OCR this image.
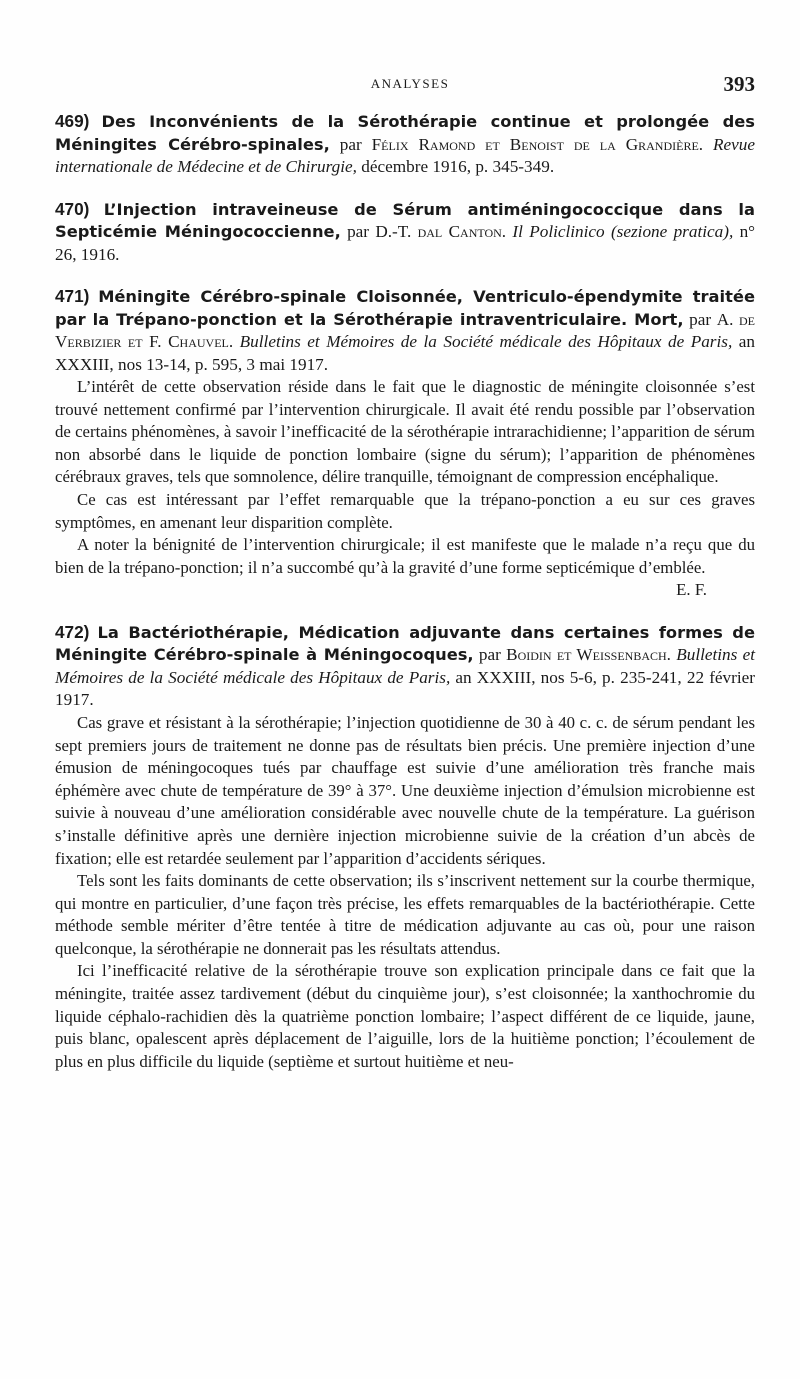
ANALYSES	393

469) Des Inconvénients de la Sérothérapie continue et prolongée des Méningites Cérébro-spinales, par Félix Ramond et Benoist de la Grandière. Revue internationale de Médecine et de Chirurgie, décembre 1916, p. 345-349.

470) L’Injection intraveineuse de Sérum antiméningococcique dans la Septicémie Méningococcienne, par D.-T. dal Canton. Il Policlinico (sezione pratica), n° 26, 1916.

471) Méningite Cérébro-spinale Cloisonnée, Ventriculo-épendymite traitée par la Trépano-ponction et la Sérothérapie intraventriculaire. Mort, par A. de Verbizier et F. Chauvel. Bulletins et Mémoires de la Société médicale des Hôpitaux de Paris, an XXXIII, nos 13-14, p. 595, 3 mai 1917.

L’intérêt de cette observation réside dans le fait que le diagnostic de méningite cloisonnée s’est trouvé nettement confirmé par l’intervention chirurgicale. Il avait été rendu possible par l’observation de certains phénomènes, à savoir l’inefficacité de la sérothérapie intrarachidienne; l’apparition de sérum non absorbé dans le liquide de ponction lombaire (signe du sérum); l’apparition de phénomènes cérébraux graves, tels que somnolence, délire tranquille, témoignant de compression encéphalique.

Ce cas est intéressant par l’effet remarquable que la trépano-ponction a eu sur ces graves symptômes, en amenant leur disparition complète.

A noter la bénignité de l’intervention chirurgicale; il est manifeste que le malade n’a reçu que du bien de la trépano-ponction; il n’a succombé qu’à la gravité d’une forme septicémique d’emblée.

E. F.

472) La Bactériothérapie, Médication adjuvante dans certaines formes de Méningite Cérébro-spinale à Méningocoques, par Boidin et Weissenbach. Bulletins et Mémoires de la Société médicale des Hôpitaux de Paris, an XXXIII, nos 5-6, p. 235-241, 22 février 1917.

Cas grave et résistant à la sérothérapie; l’injection quotidienne de 30 à 40 c. c. de sérum pendant les sept premiers jours de traitement ne donne pas de résultats bien précis. Une première injection d’une émusion de méningocoques tués par chauffage est suivie d’une amélioration très franche mais éphémère avec chute de température de 39° à 37°. Une deuxième injection d’émulsion microbienne est suivie à nouveau d’une amélioration considérable avec nouvelle chute de la température. La guérison s’installe définitive après une dernière injection microbienne suivie de la création d’un abcès de fixation; elle est retardée seulement par l’apparition d’accidents sériques.

Tels sont les faits dominants de cette observation; ils s’inscrivent nettement sur la courbe thermique, qui montre en particulier, d’une façon très précise, les effets remarquables de la bactériothérapie. Cette méthode semble mériter d’être tentée à titre de médication adjuvante au cas où, pour une raison quelconque, la sérothérapie ne donnerait pas les résultats attendus.

Ici l’inefficacité relative de la sérothérapie trouve son explication principale dans ce fait que la méningite, traitée assez tardivement (début du cinquième jour), s’est cloisonnée; la xanthochromie du liquide céphalo-rachidien dès la quatrième ponction lombaire; l’aspect différent de ce liquide, jaune, puis blanc, opalescent après déplacement de l’aiguille, lors de la huitième ponction; l’écoulement de plus en plus difficile du liquide (septième et surtout huitième et neu-
